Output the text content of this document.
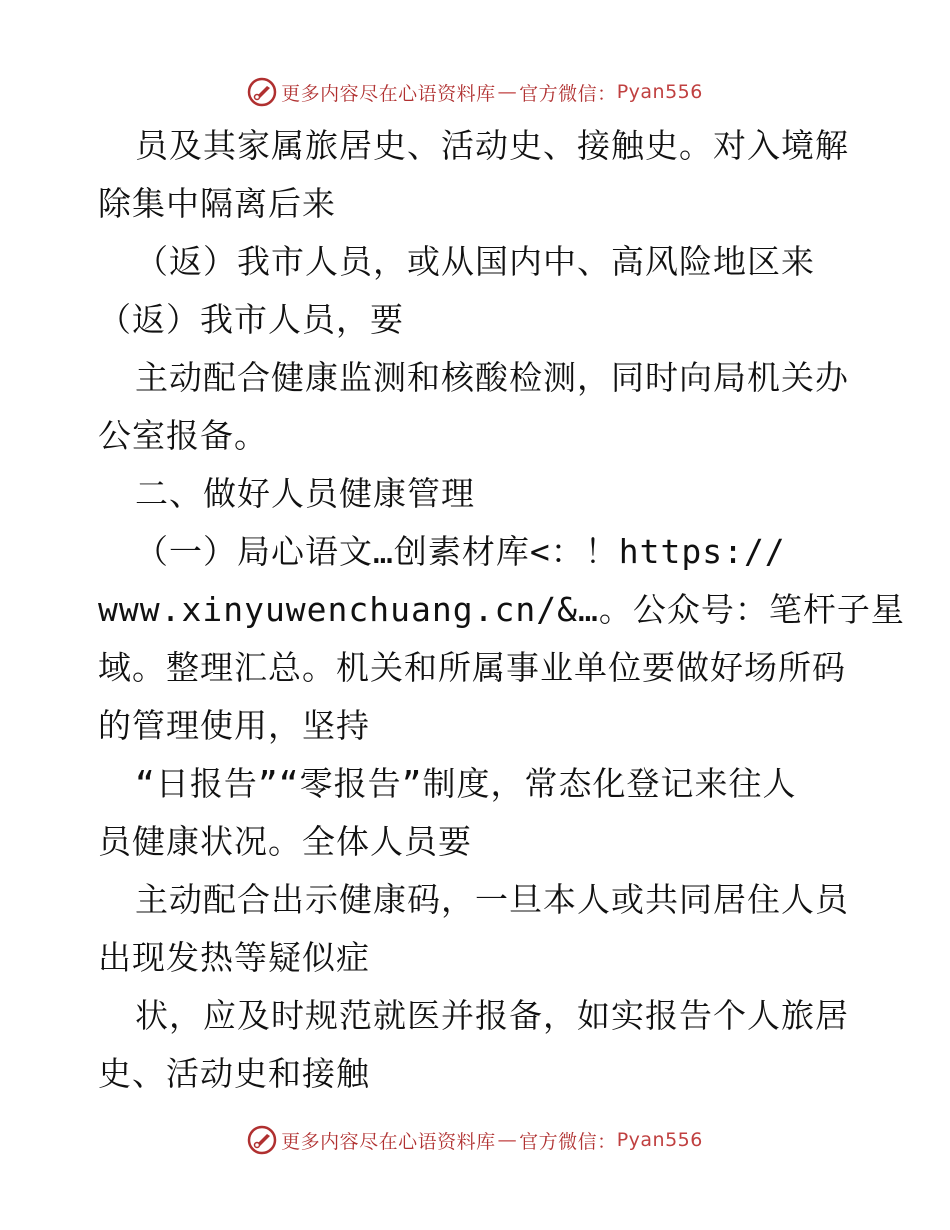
更多内容尽在心语资料库 — 官方微信： Pyan556
员及其家属旅居史、活动史、接触史。对入境解
除集中隔离后来
（返）我市人员，或从国内中、高风险地区来
（返）我市人员，要
主动配合健康监测和核酸检测，同时向局机关办
公室报备。
二、做好人员健康管理
（一）局心语文…创素材库<：！https://
www.xinyuwenchuang.cn/&…。公众号：笔杆子星
域。整理汇总。机关和所属事业单位要做好场所码
的管理使用，坚持
“日报告”“零报告”制度，常态化登记来往人
员健康状况。全体人员要
主动配合出示健康码，一旦本人或共同居住人员
出现发热等疑似症
状，应及时规范就医并报备，如实报告个人旅居
史、活动史和接触
更多内容尽在心语资料库 — 官方微信： Pyan556
